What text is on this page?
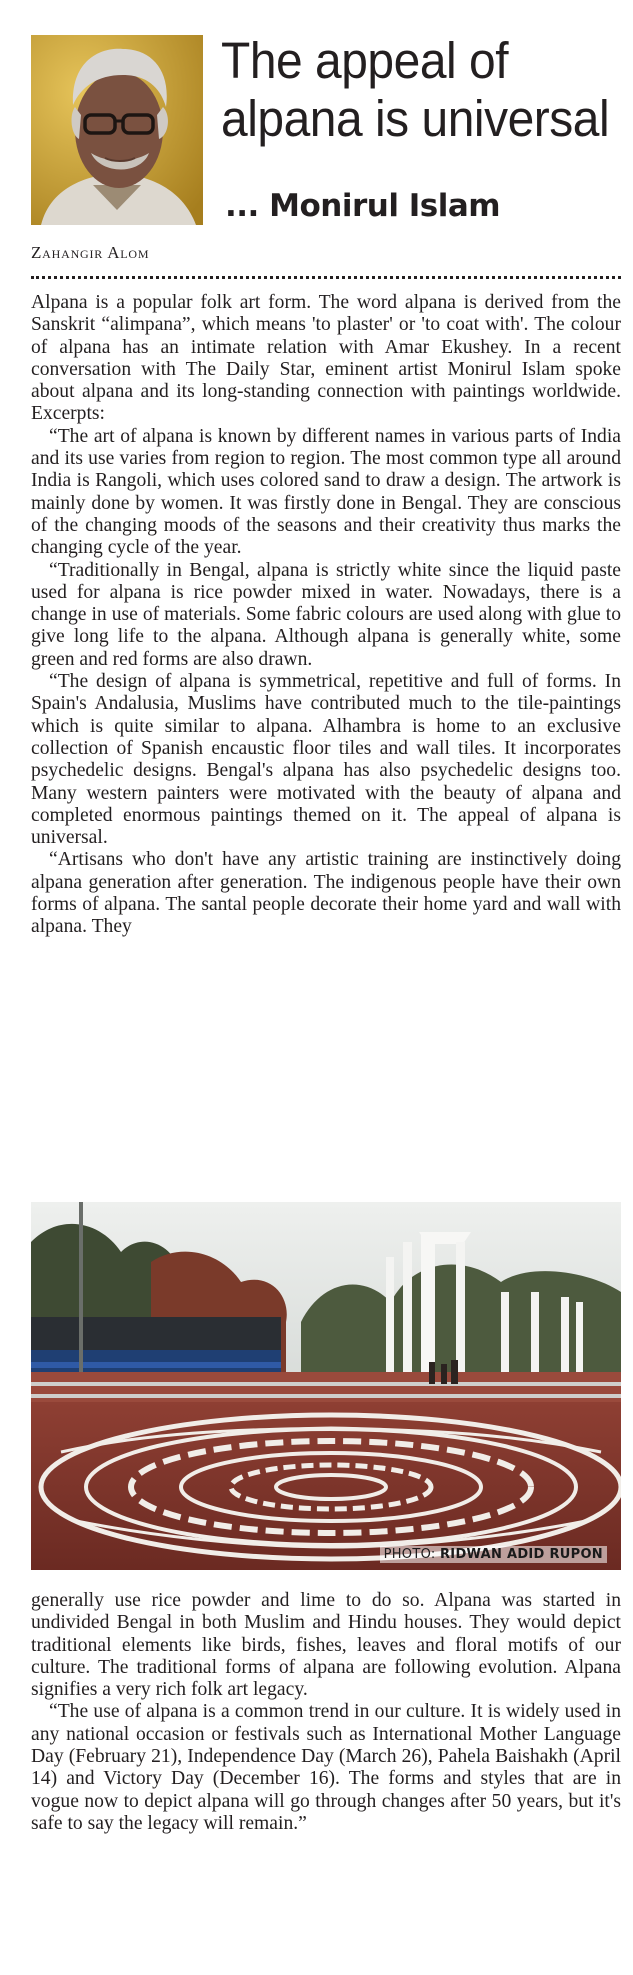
The appeal of
alpana is universal
... Monirul Islam
Zahangir Alom

Alpana is a popular folk art form. The word alpana is derived from the Sanskrit “alimpana”, which means 'to plaster' or 'to coat with'. The colour of alpana has an intimate relation with Amar Ekushey. In a recent conversation with The Daily Star, eminent artist Monirul Islam spoke about alpana and its long-standing connection with paintings worldwide. Excerpts:

“The art of alpana is known by different names in various parts of India and its use varies from region to region. The most common type all around India is Rangoli, which uses colored sand to draw a design. The artwork is mainly done by women. It was firstly done in Bengal. They are conscious of the changing moods of the seasons and their creativity thus marks the changing cycle of the year.

“Traditionally in Bengal, alpana is strictly white since the liquid paste used for alpana is rice powder mixed in water. Nowadays, there is a change in use of materials. Some fabric colours are used along with glue to give long life to the alpana. Although alpana is generally white, some green and red forms are also drawn.

“The design of alpana is symmetrical, repetitive and full of forms. In Spain's Andalusia, Muslims have contributed much to the tile-paintings which is quite similar to alpana. Alhambra is home to an exclusive collection of Spanish encaustic floor tiles and wall tiles. It incorporates psychedelic designs. Bengal's alpana has also psychedelic designs too. Many western painters were motivated with the beauty of alpana and completed enormous paintings themed on it. The appeal of alpana is universal.

“Artisans who don't have any artistic training are instinctively doing alpana generation after generation. The indigenous people have their own forms of alpana. The santal people decorate their home yard and wall with alpana. They

PHOTO: RIDWAN ADID RUPON

generally use rice powder and lime to do so. Alpana was started in undivided Bengal in both Muslim and Hindu houses. They would depict traditional elements like birds, fishes, leaves and floral motifs of our culture. The traditional forms of alpana are following evolution. Alpana signifies a very rich folk art legacy.

“The use of alpana is a common trend in our culture. It is widely used in any national occasion or festivals such as International Mother Language Day (February 21), Independence Day (March 26), Pahela Baishakh (April 14) and Victory Day (December 16). The forms and styles that are in vogue now to depict alpana will go through changes after 50 years, but it's safe to say the legacy will remain.”
